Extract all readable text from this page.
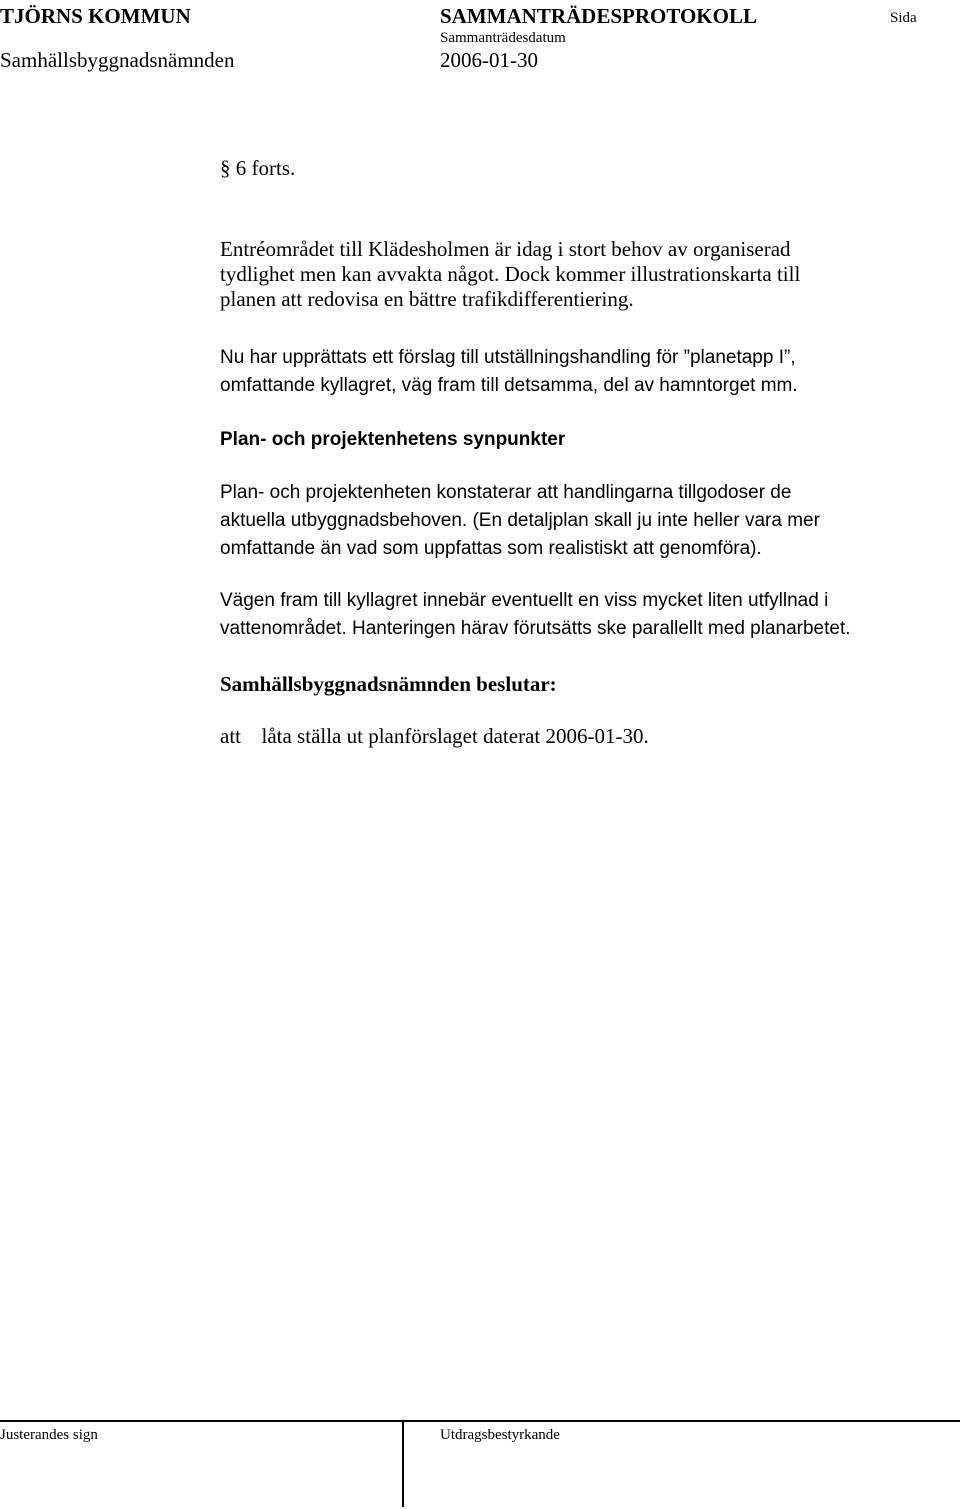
TJÖRNS KOMMUN	SAMMANTRÄDESPROTOKOLL	Sida
Sammanträdesdatum
Samhällsbyggnadsnämnden	2006-01-30
§ 6 forts.
Entréområdet till Klädesholmen är idag i stort behov av organiserad
tydlighet men kan avvakta något. Dock kommer illustrationskarta till
planen att redovisa en bättre trafikdifferentiering.
Nu har upprättats ett förslag till utställningshandling för ”planetapp I”,
omfattande kyllagret, väg fram till detsamma, del av hamntorget mm.
Plan- och projektenhetens synpunkter
Plan- och projektenheten konstaterar att handlingarna tillgodoser de
aktuella utbyggnadsbehoven. (En detaljplan skall ju inte heller vara mer
omfattande än vad som uppfattas som realistiskt att genomföra).
Vägen fram till kyllagret innebär eventuellt en viss mycket liten utfyllnad i
vattenområdet. Hanteringen härav förutsätts ske parallellt med planarbetet.
Samhällsbyggnadsnämnden beslutar:
att låta ställa ut planförslaget daterat 2006-01-30.
Justerandes sign	Utdragsbestyrkande
